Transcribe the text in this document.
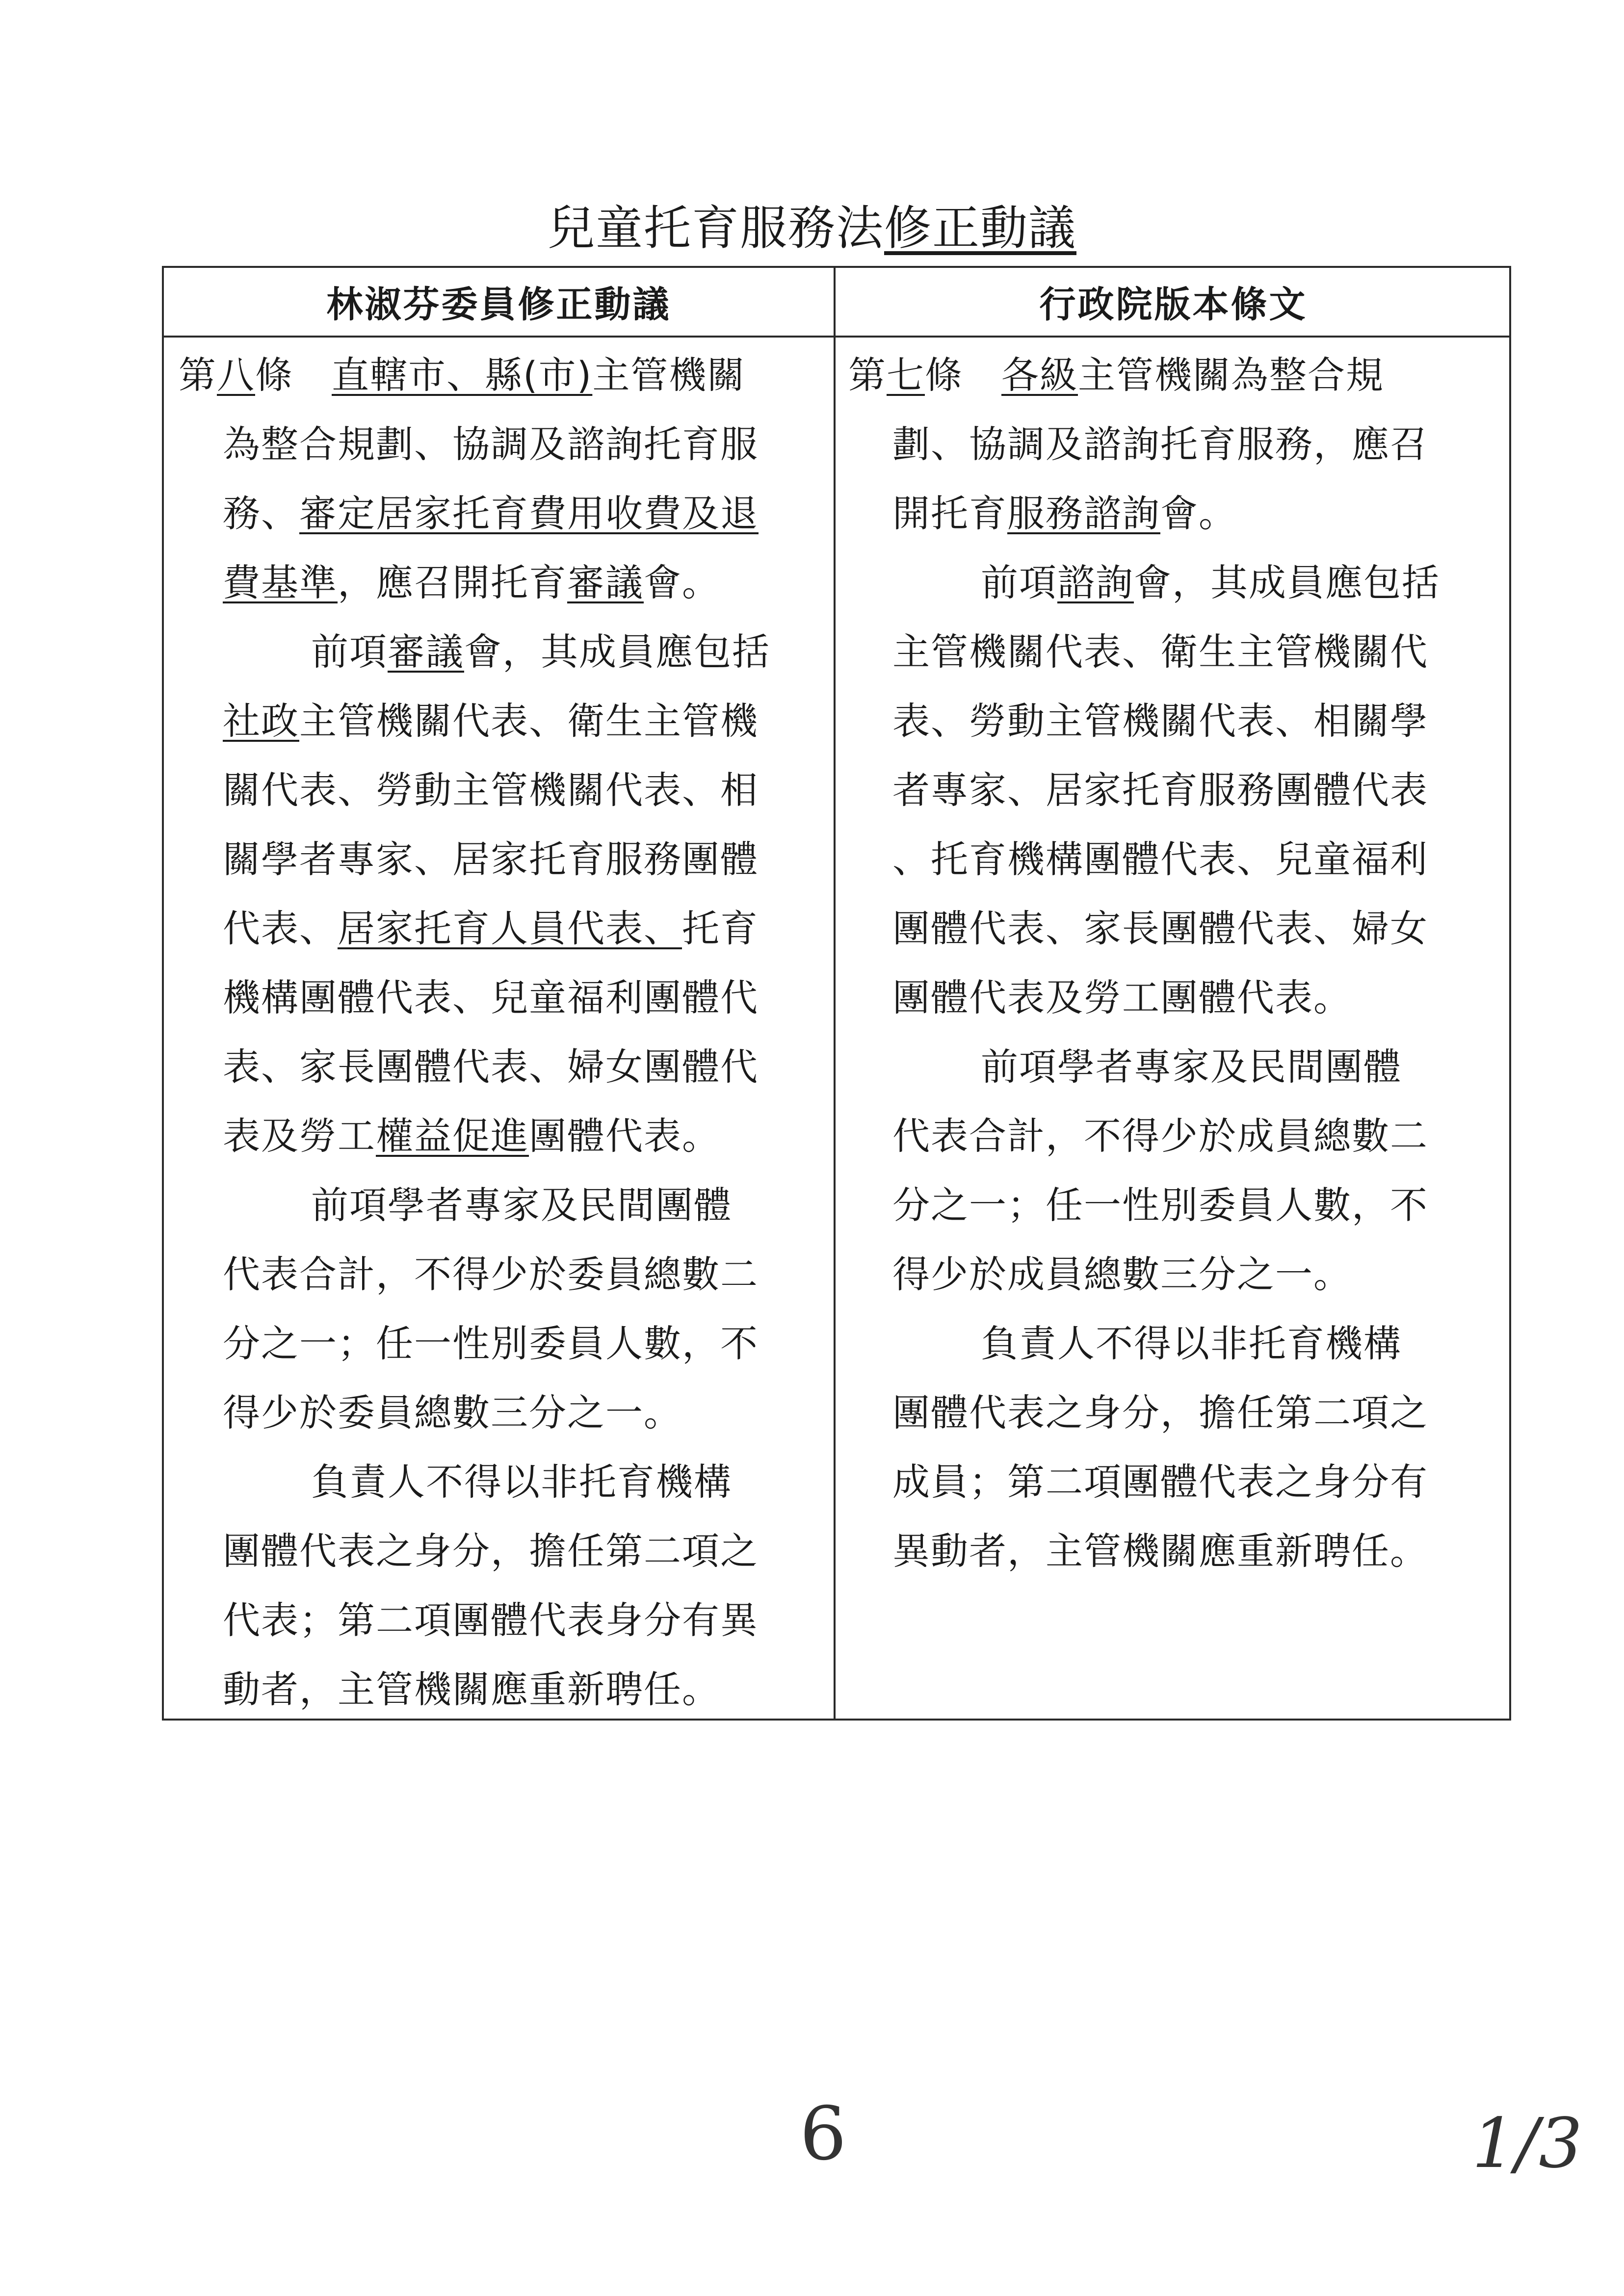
兒童托育服務法修正動議
林淑芬委員修正動議	行政院版本條文
第八條　直轄市、縣(市)主管機關
為整合規劃、協調及諮詢托育服
務、審定居家托育費用收費及退
費基準，應召開托育審議會。
前項審議會，其成員應包括
社政主管機關代表、衛生主管機
關代表、勞動主管機關代表、相
關學者專家、居家托育服務團體
代表、居家托育人員代表、托育
機構團體代表、兒童福利團體代
表、家長團體代表、婦女團體代
表及勞工權益促進團體代表。
前項學者專家及民間團體
代表合計，不得少於委員總數二
分之一；任一性別委員人數，不
得少於委員總數三分之一。
負責人不得以非托育機構
團體代表之身分，擔任第二項之
代表；第二項團體代表身分有異
動者，主管機關應重新聘任。
第七條　各級主管機關為整合規
劃、協調及諮詢托育服務，應召
開托育服務諮詢會。
前項諮詢會，其成員應包括
主管機關代表、衛生主管機關代
表、勞動主管機關代表、相關學
者專家、居家托育服務團體代表
、托育機構團體代表、兒童福利
團體代表、家長團體代表、婦女
團體代表及勞工團體代表。
前項學者專家及民間團體
代表合計，不得少於成員總數二
分之一；任一性別委員人數，不
得少於成員總數三分之一。
負責人不得以非托育機構
團體代表之身分，擔任第二項之
成員；第二項團體代表之身分有
異動者，主管機關應重新聘任。
6	1/3
